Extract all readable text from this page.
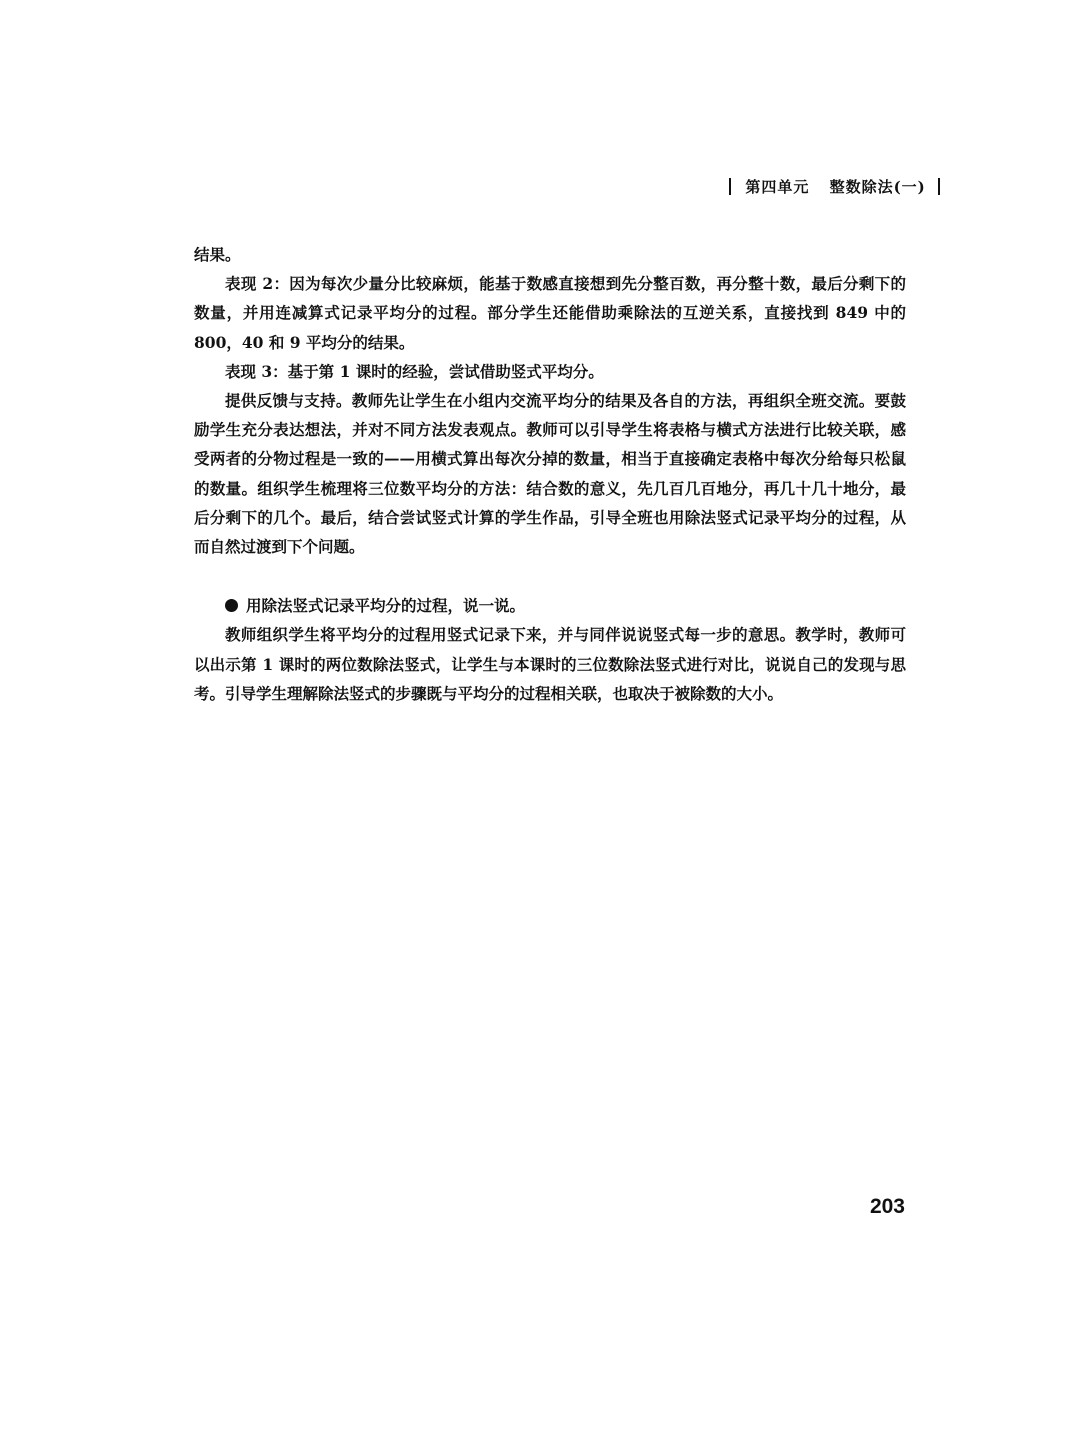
第四单元 整数除法(一)

结果。

表现 2：因为每次少量分比较麻烦，能基于数感直接想到先分整百数，再分整十数，最后分剩下的数量，并用连减算式记录平均分的过程。部分学生还能借助乘除法的互逆关系，直接找到 849 中的 800，40 和 9 平均分的结果。

表现 3：基于第 1 课时的经验，尝试借助竖式平均分。

提供反馈与支持。教师先让学生在小组内交流平均分的结果及各自的方法，再组织全班交流。要鼓励学生充分表达想法，并对不同方法发表观点。教师可以引导学生将表格与横式方法进行比较关联，感受两者的分物过程是一致的——用横式算出每次分掉的数量，相当于直接确定表格中每次分给每只松鼠的数量。组织学生梳理将三位数平均分的方法：结合数的意义，先几百几百地分，再几十几十地分，最后分剩下的几个。最后，结合尝试竖式计算的学生作品，引导全班也用除法竖式记录平均分的过程，从而自然过渡到下个问题。

用除法竖式记录平均分的过程，说一说。

教师组织学生将平均分的过程用竖式记录下来，并与同伴说说竖式每一步的意思。教学时，教师可以出示第 1 课时的两位数除法竖式，让学生与本课时的三位数除法竖式进行对比，说说自己的发现与思考。引导学生理解除法竖式的步骤既与平均分的过程相关联，也取决于被除数的大小。

203
